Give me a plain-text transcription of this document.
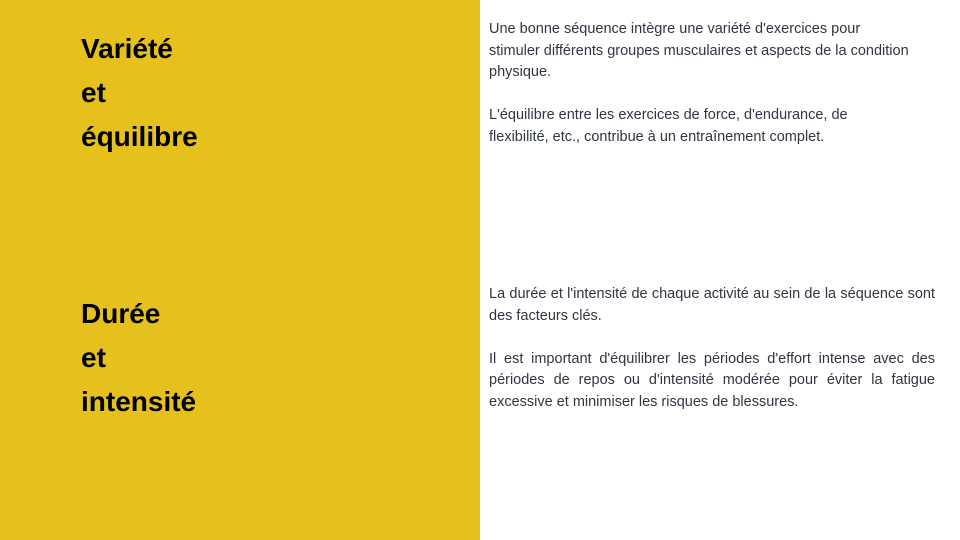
Variété
et
équilibre
Durée
et
intensité

Une bonne séquence intègre une variété d'exercices pour stimuler différents groupes musculaires et aspects de la condition physique.

L'équilibre entre les exercices de force, d'endurance, de flexibilité, etc., contribue à un entraînement complet.

La durée et l'intensité de chaque activité au sein de la séquence sont des facteurs clés.

Il est important d'équilibrer les périodes d'effort intense avec des périodes de repos ou d'intensité modérée pour éviter la fatigue excessive et minimiser les risques de blessures.
